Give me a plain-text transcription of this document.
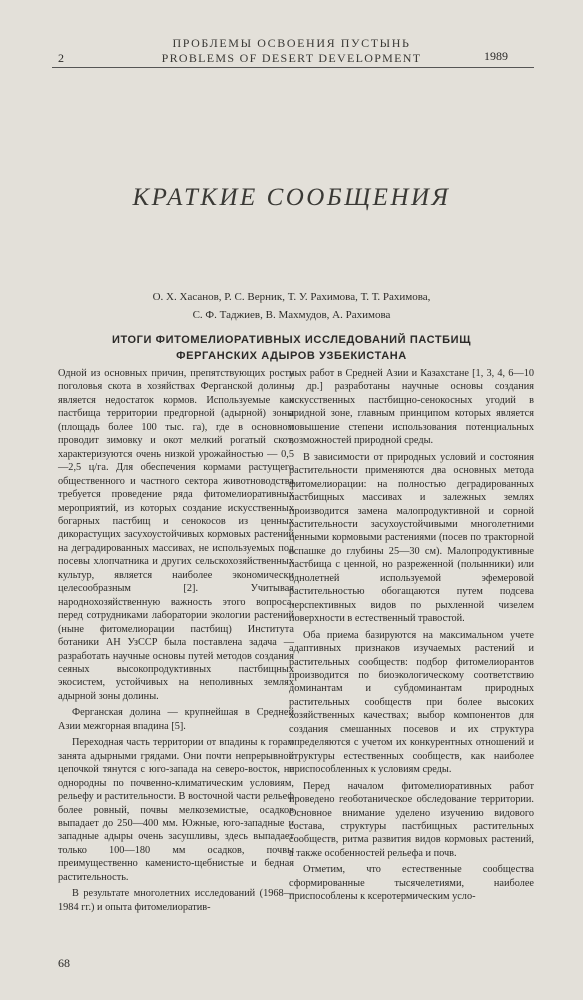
ПРОБЛЕМЫ ОСВОЕНИЯ ПУСТЫНЬ
2	PROBLEMS OF DESERT DEVELOPMENT	1989
КРАТКИЕ СООБЩЕНИЯ
О. Х. Хасанов, Р. С. Верник, Т. У. Рахимова, Т. Т. Рахимова,
С. Ф. Таджиев, В. Махмудов, А. Рахимова
ИТОГИ ФИТОМЕЛИОРАТИВНЫХ ИССЛЕДОВАНИЙ ПАСТБИЩ
ФЕРГАНСКИХ АДЫРОВ УЗБЕКИСТАНА

Одной из основных причин, препятствующих росту поголовья скота в хозяйствах Ферганской долины, является недостаток кормов. Используемые как пастбища территории предгорной (адырной) зоны (площадь более 100 тыс. га), где в основном проводит зимовку и окот мелкий рогатый скот, характеризуются очень низкой урожайностью — 0,5—2,5 ц/га. Для обеспечения кормами растущего общественного и частного сектора животноводства требуется проведение ряда фитомелиоративных мероприятий, из которых создание искусственных богарных пастбищ и сенокосов из ценных дикорастущих засухоустойчивых кормовых растений на деградированных массивах, не используемых под посевы хлопчатника и других сельскохозяйственных культур, является наиболее экономически целесообразным [2]. Учитывая народнохозяйственную важность этого вопроса, перед сотрудниками лаборатории экологии растений (ныне фитомелиорации пастбищ) Института ботаники АН УзССР была поставлена задача — разработать научные основы путей методов создания сеяных высокопродуктивных пастбищных экосистем, устойчивых на неполивных землях адырной зоны долины.

Ферганская долина — крупнейшая в Средней Азии межгорная впадина [5].

Переходная часть территории от впадины к горам занята адырными грядами. Они почти непрерывной цепочкой тянутся с юго-запада на северо-восток, не однородны по почвенно-климатическим условиям, рельефу и растительности. В восточной части рельеф более ровный, почвы мелкоземистые, осадков выпадает до 250—400 мм. Южные, юго-западные и западные адыры очень засушливы, здесь выпадает только 100—180 мм осадков, почвы преимущественно каменисто-щебнистые и бедная растительность.

В результате многолетних исследований (1968—1984 гг.) и опыта фитомелиоратив-

ных работ в Средней Азии и Казахстане [1, 3, 4, 6—10 и др.] разработаны научные основы создания искусственных пастбищно-сенокосных угодий в аридной зоне, главным принципом которых является повышение степени использования потенциальных возможностей природной среды.

В зависимости от природных условий и состояния растительности применяются два основных метода фитомелиорации: на полностью деградированных пастбищных массивах и залежных землях производится замена малопродуктивной и сорной растительности засухоустойчивыми многолетними ценными кормовыми растениями (посев по тракторной вспашке до глубины 25—30 см). Малопродуктивные пастбища с ценной, но разреженной (полынники) или однолетней используемой эфемеровой растительностью обогащаются путем подсева перспективных видов по рыхленной чизелем поверхности в естественный травостой.

Оба приема базируются на максимальном учете адаптивных признаков изучаемых растений и растительных сообществ: подбор фитомелиорантов производится по биоэкологическому соответствию доминантам и субдоминантам природных растительных сообществ при более высоких хозяйственных качествах; выбор компонентов для создания смешанных посевов и их структура определяются с учетом их конкурентных отношений и структуры естественных сообществ, как наиболее приспособленных к условиям среды.

Перед началом фитомелиоративных работ проведено геоботаническое обследование территории. Основное внимание уделено изучению видового состава, структуры пастбищных растительных сообществ, ритма развития видов кормовых растений, а также особенностей рельефа и почв.

Отметим, что естественные сообщества сформированные тысячелетиями, наиболее приспособлены к ксеротермическим усло-

68
